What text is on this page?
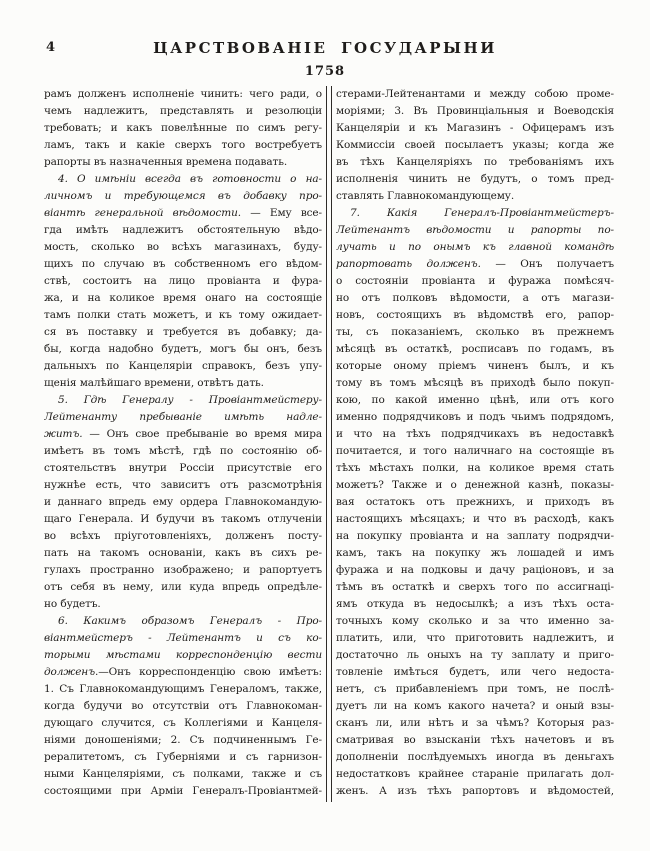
4	ЦАРСТВОВАНІЕ ГОСУДАРЫНИ
1758
рамъ долженъ исполненіе чинить: чего ради, о
чемъ надлежитъ, представлять и резолюціи
требовать; и какъ повелѣнные по симъ регу-
ламъ, такъ и какіе сверхъ того востребуетъ
рапорты въ назначенныя времена подавать.
4. О имѣніи всегда въ готовности о на-
личномъ и требующемся въ добавку про-
віантѣ генеральной вѣдомости. — Ему все-
гда имѣть надлежитъ обстоятельную вѣдо-
мость, сколько во всѣхъ магазинахъ, буду-
щихъ по случаю въ собственномъ его вѣдом-
ствѣ, состоитъ на лицо провіанта и фура-
жа, и на коликое время онаго на состоящіе
тамъ полки стать можетъ, и къ тому ожидает-
ся въ поставку и требуется въ добавку; да-
бы, когда надобно будетъ, могъ бы онъ, безъ
дальныхъ по Канцеляріи справокъ, безъ упу-
щенія малѣйшаго времени, отвѣтъ дать.
5. Гдѣ Генералу - Провіантмейстеру-
Лейтенанту пребываніе имѣть надле-
житъ. — Онъ свое пребываніе во время мира
имѣетъ въ томъ мѣстѣ, гдѣ по состоянію об-
стоятельствъ внутри Россіи присутствіе его
нужнѣе есть, что зависитъ отъ разсмотрѣнія
и даннаго впредь ему ордера Главнокомандую-
щаго Генерала. И будучи въ такомъ отлученіи
во всѣхъ пріуготовленіяхъ, долженъ посту-
пать на такомъ основаніи, какъ въ сихъ ре-
гулахъ пространно изображено; и рапортуетъ
отъ себя въ нему, или куда впредь опредѣле-
но будетъ.
6. Какимъ образомъ Генералъ - Про-
віантмейстеръ - Лейтенантъ и съ ко-
торыми мѣстами корреспонденцію вести
долженъ.—Онъ корреспонденцію свою имѣетъ:
1. Съ Главнокомандующимъ Генераломъ, также,
когда будучи во отсутствіи отъ Главнокоман-
дующаго случится, съ Коллегіями и Канцеля-
ніями доношеніями; 2. Съ подчиненнымъ Ге-
рералитетомъ, съ Губерніями и съ гарнизон-
ными Канцеляріями, съ полками, также и съ
состоящими при Арміи Генералъ-Провіантмей-
стерами-Лейтенантами и между собою проме-
моріями; 3. Въ Провинціальныя и Воеводскія
Канцеляріи и къ Магазинъ - Офицерамъ изъ
Коммиссіи своей посылаетъ указы; когда же
въ тѣхъ Канцеляріяхъ по требованіямъ ихъ
исполненія чинить не будутъ, о томъ пред-
ставлять Главнокомандующему.
7. Какія Генералъ-Провіантмейстеръ-
Лейтенантъ вѣдомости и рапорты по-
лучать и по онымъ къ главной командѣ
рапортовать долженъ. — Онъ получаетъ
о состояніи провіанта и фуража помѣсяч-
но отъ полковъ вѣдомости, а отъ магази-
новъ, состоящихъ въ вѣдомствѣ его, рапор-
ты, съ показаніемъ, сколько въ прежнемъ
мѣсяцѣ въ остаткѣ, росписавъ по годамъ, въ
которые оному пріемъ чиненъ былъ, и къ
тому въ томъ мѣсяцѣ въ приходѣ было покуп-
кою, по какой именно цѣнѣ, или отъ кого
именно подрядчиковъ и подъ чьимъ подрядомъ,
и что на тѣхъ подрядчикахъ въ недоставкѣ
почитается, и того наличнаго на состоящіе въ
тѣхъ мѣстахъ полки, на коликое время стать
можетъ? Также и о денежной казнѣ, показы-
вая остатокъ отъ прежнихъ, и приходъ въ
настоящихъ мѣсяцахъ; и что въ расходѣ, какъ
на покупку провіанта и на заплату подрядчи-
камъ, такъ на покупку жъ лошадей и имъ
фуража и на подковы и дачу раціоновъ, и за
тѣмъ въ остаткѣ и сверхъ того по ассигнаці-
ямъ откуда въ недосылкѣ; а изъ тѣхъ оста-
точныхъ кому сколько и за что именно за-
платить, или, что приготовить надлежитъ, и
достаточно ль оныхъ на ту заплату и приго-
товленіе имѣться будетъ, или чего недоста-
нетъ, съ прибавленіемъ при томъ, не послѣ-
дуетъ ли на комъ какого начета? и оный взы-
сканъ ли, или нѣтъ и за чѣмъ? Которыя раз-
сматривая во взысканіи тѣхъ начетовъ и въ
дополненіи послѣдуемыхъ иногда въ деньгахъ
недостатковъ крайнее стараніе прилагать дол-
женъ. А изъ тѣхъ рапортовъ и вѣдомостей,
